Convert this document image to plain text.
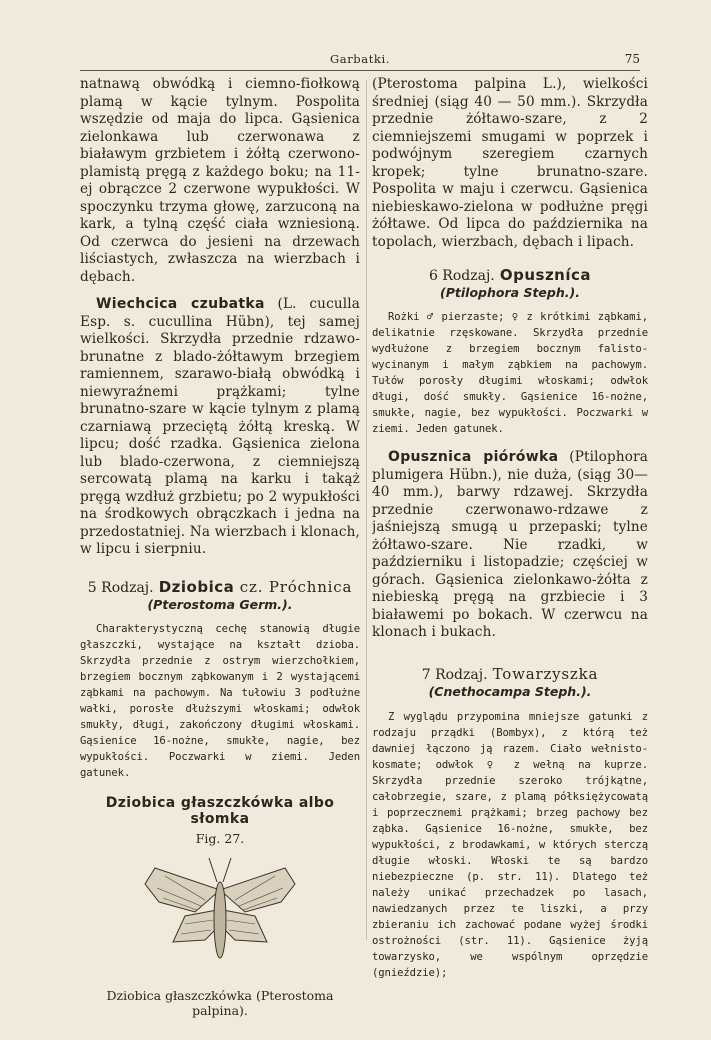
Garbatki.	75

natnawą obwódką i ciemno-fiołkową plamą w kącie tylnym. Pospolita wszędzie od maja do lipca. Gąsienica zielonkawa lub czerwonawa z białawym grzbietem i żółtą czerwono-plamistą pręgą z każdego boku; na 11-ej obrączce 2 czerwone wypukłości. W spoczynku trzyma głowę, zarzuconą na kark, a tylną część ciała wzniesioną. Od czerwca do jesieni na drzewach liściastych, zwłaszcza na wierzbach i dębach.

Wiechcica czubatka (L. cucullа Esp. s. cucullina Hübn), tej samej wielkości. Skrzydła przednie rdzawo-brunatne z blado-żółtawym brzegiem ramiennem, szarawo-białą obwódką i niewyraźnemi prążkami; tylne brunatno-szare w kącie tylnym z plamą czarniawą przeciętą żółtą kreską. W lipcu; dość rzadka. Gąsienica zielona lub blado-czerwona, z ciemniejszą sercowatą plamą na karku i takąż pręgą wzdłuż grzbietu; po 2 wypukłości na środkowych obrączkach i jedna na przedostatniej. Na wierzbach i klonach, w lipcu i sierpniu.

5 Rodzaj. Dziobica cz. Próchnica
(Pterostoma Germ.).

Charakterystyczną cechę stanowią długie głaszczki, wystające na kształt dzioba. Skrzydła przednie z ostrym wierzchołkiem, brzegiem bocznym ząbkowanym i 2 wystającemi ząbkami na pachowym. Na tułowiu 3 podłużne wałki, porosłe dłuższymi włoskami; odwłok smukły, długi, zakończony długimi włoskami. Gąsienice 16-nożne, smukłe, nagie, bez wypukłości. Poczwarki w ziemi. Jeden gatunek.

Dziobica głaszczkówka albo słomka
Fig. 27.
Dziobica głaszczkówka (Pterostoma palpina).

(Pterostoma palpina L.), wielkości średniej (siąg 40 — 50 mm.). Skrzydła przednie żółtawo-szare, z 2 ciemniejszemi smugami w poprzek i podwójnym szeregiem czarnych kropek; tylne brunatno-szare. Pospolita w maju i czerwcu. Gąsienica niebieskawo-zielona w podłużne pręgi żółtawe. Od lipca do października na topolach, wierzbach, dębach i lipach.

6 Rodzaj. Opuszníca
(Ptilophora Steph.).

Rożki ♂ pierzaste; ♀ z krótkimi ząbkami, delikatnie rzęskowane. Skrzydła przednie wydłużone z brzegiem bocznym falisto-wycinanym i małym ząbkiem na pachowym. Tułów porosły długimi włoskami; odwłok długi, dość smukły. Gąsienice 16-nożne, smukłe, nagie, bez wypukłości. Poczwarki w ziemi. Jeden gatunek.

Opusznica piórówka (Ptilophora plumigera Hübn.), nie duża, (siąg 30—40 mm.), barwy rdzawej. Skrzydła przednie czerwonawo-rdzawe z jaśniejszą smugą u przepaski; tylne żółtawo-szare. Nie rzadki, w październiku i listopadzie; częściej w górach. Gąsienica zielonkawo-żółta z niebieską pręgą na grzbiecie i 3 białawemi po bokach. W czerwcu na klonach i bukach.

7 Rodzaj. Towarzyszka
(Cnethocampa Steph.).

Z wyglądu przypomina mniejsze gatunki z rodzaju prządki (Bombyx), z którą też dawniej łączono ją razem. Ciało wełnisto-kosmate; odwłok ♀ z wełną na kuprze. Skrzydła przednie szeroko trójkątne, całobrzegie, szare, z plamą półksiężycowatą i poprzecznemi prążkami; brzeg pachowy bez ząbka. Gąsienice 16-nożne, smukłe, bez wypukłości, z brodawkami, w których sterczą długie włoski. Włoski te są bardzo niebezpieczne (p. str. 11). Dlatego też należy unikać przechadzek po lasach, nawiedzanych przez te liszki, a przy zbieraniu ich zachować podane wyżej środki ostrożności (str. 11). Gąsienice żyją towarzysko, we wspólnym oprzędzie (gnieździe);
